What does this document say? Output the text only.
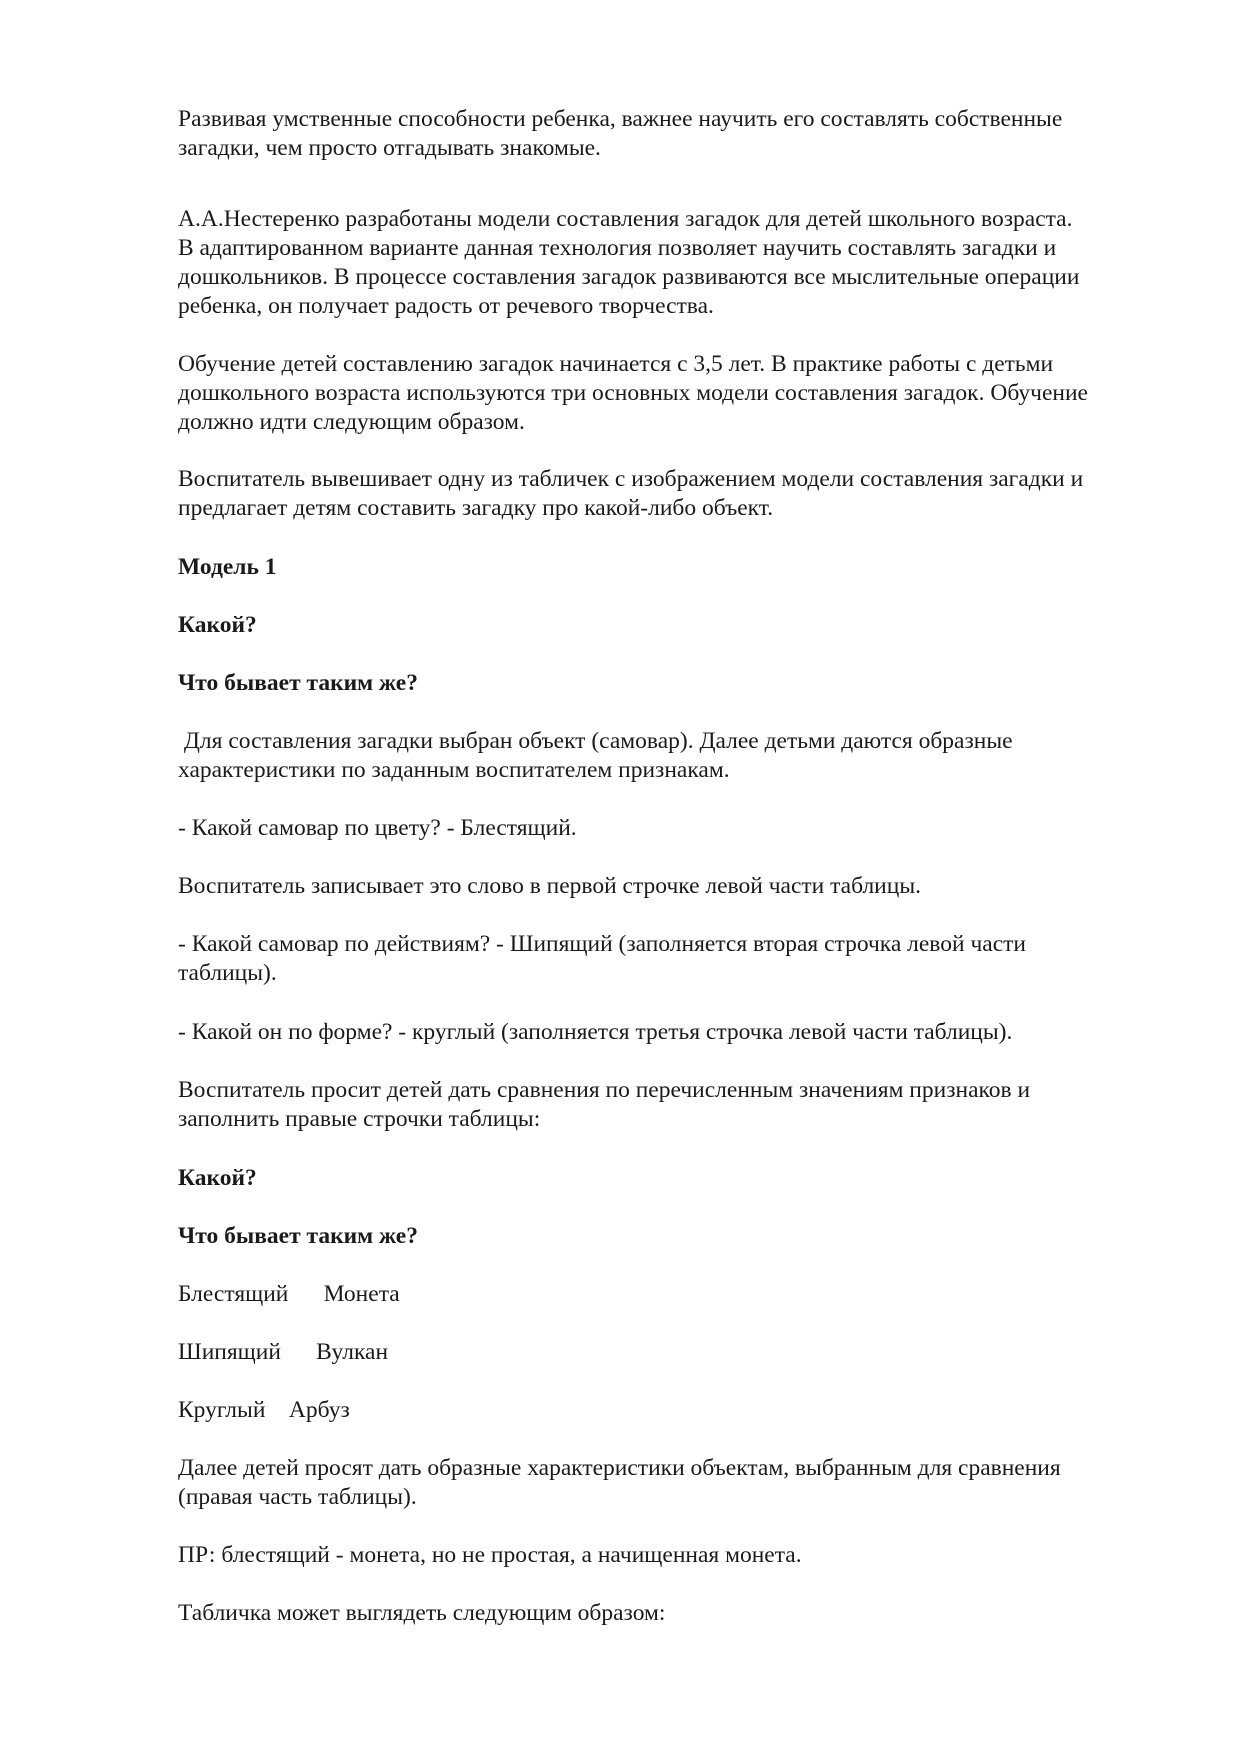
Развивая умственные способности ребенка, важнее научить его составлять собственные
загадки, чем просто отгадывать знакомые.

А.А.Нестеренко разработаны модели составления загадок для детей школьного возраста.
В адаптированном варианте данная технология позволяет научить составлять загадки и
дошкольников. В процессе составления загадок развиваются все мыслительные операции
ребенка, он получает радость от речевого творчества.

Обучение детей составлению загадок начинается с 3,5 лет. В практике работы с детьми
дошкольного возраста используются три основных модели составления загадок. Обучение
должно идти следующим образом.

Воспитатель вывешивает одну из табличек с изображением модели составления загадки и
предлагает детям составить загадку про какой-либо объект.

Модель 1

Какой?

Что бывает таким же?

Для составления загадки выбран объект (самовар). Далее детьми даются образные
характеристики по заданным воспитателем признакам.

- Какой самовар по цвету? - Блестящий.

Воспитатель записывает это слово в первой строчке левой части таблицы.

- Какой самовар по действиям? - Шипящий (заполняется вторая строчка левой части
таблицы).

- Какой он по форме? - круглый (заполняется третья строчка левой части таблицы).

Воспитатель просит детей дать сравнения по перечисленным значениям признаков и
заполнить правые строчки таблицы:

Какой?

Что бывает таким же?

Блестящий Монета

Шипящий Вулкан

Круглый Арбуз

Далее детей просят дать образные характеристики объектам, выбранным для сравнения
(правая часть таблицы).

ПР: блестящий - монета, но не простая, а начищенная монета.

Табличка может выглядеть следующим образом:
